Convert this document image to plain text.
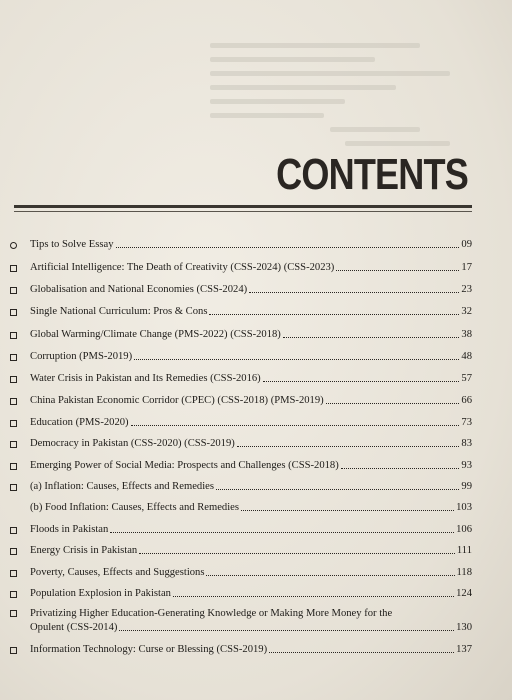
CONTENTS
Tips to Solve Essay	09
Artificial Intelligence: The Death of Creativity (CSS-2024) (CSS-2023)	17
Globalisation and National Economies (CSS-2024)	23
Single National Curriculum: Pros & Cons	32
Global Warming/Climate Change (PMS-2022) (CSS-2018)	38
Corruption (PMS-2019)	48
Water Crisis in Pakistan and Its Remedies (CSS-2016)	57
China Pakistan Economic Corridor (CPEC) (CSS-2018) (PMS-2019)	66
Education (PMS-2020)	73
Democracy in Pakistan (CSS-2020) (CSS-2019)	83
Emerging Power of Social Media: Prospects and Challenges (CSS-2018)	93
(a) Inflation: Causes, Effects and Remedies	99
(b) Food Inflation: Causes, Effects and Remedies	103
Floods in Pakistan	106
Energy Crisis in Pakistan	111
Poverty, Causes, Effects and Suggestions	118
Population Explosion in Pakistan	124
Privatizing Higher Education-Generating Knowledge or Making More Money for the
Opulent (CSS-2014)	130
Information Technology: Curse or Blessing (CSS-2019)	137
